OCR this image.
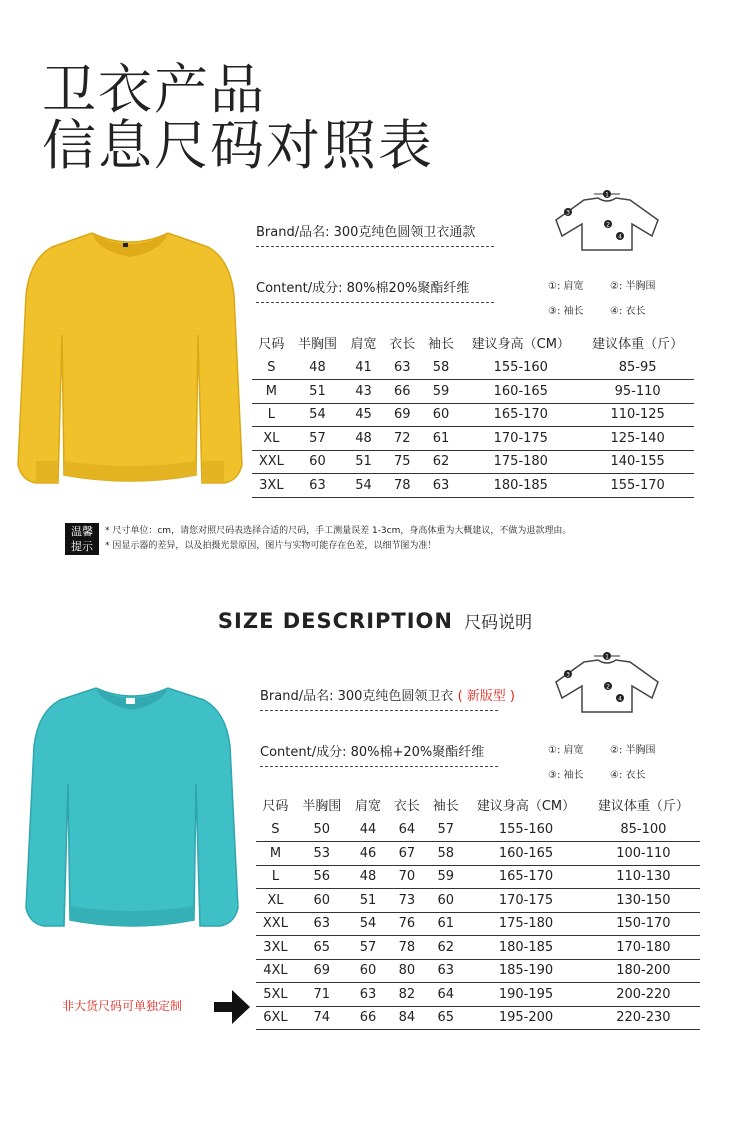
卫衣产品
信息尺码对照表
Brand/品名: 300克纯色圆领卫衣通款
Content/成分: 80%棉20%聚酯纤维
1
2
3
4
①: 肩宽	②: 半胸围
③: 袖长	④: 衣长
尺码	半胸围	肩宽	衣长	袖长	建议身高（CM）	建议体重（斤）
S	48	41	63	58	155-160	85-95
M	51	43	66	59	160-165	95-110
L	54	45	69	60	165-170	110-125
XL	57	48	72	61	170-175	125-140
XXL	60	51	75	62	175-180	140-155
3XL	63	54	78	63	180-185	155-170
温馨
提示
* 尺寸单位：cm，请您对照尺码表选择合适的尺码，手工测量误差 1-3cm，身高体重为大概建议，不做为退款理由。
* 因显示器的差异，以及拍摄光景原因，图片与实物可能存在色差，以细节图为准！
SIZE DESCRIPTION 尺码说明
Brand/品名: 300克纯色圆领卫衣 ( 新版型 )
Content/成分: 80%棉+20%聚酯纤维
1
2
3
4
①: 肩宽	②: 半胸围
③: 袖长	④: 衣长
尺码	半胸围	肩宽	衣长	袖长	建议身高（CM）	建议体重（斤）
S	50	44	64	57	155-160	85-100
M	53	46	67	58	160-165	100-110
L	56	48	70	59	165-170	110-130
XL	60	51	73	60	170-175	130-150
XXL	63	54	76	61	175-180	150-170
3XL	65	57	78	62	180-185	170-180
4XL	69	60	80	63	185-190	180-200
5XL	71	63	82	64	190-195	200-220
6XL	74	66	84	65	195-200	220-230
非大货尺码可单独定制
